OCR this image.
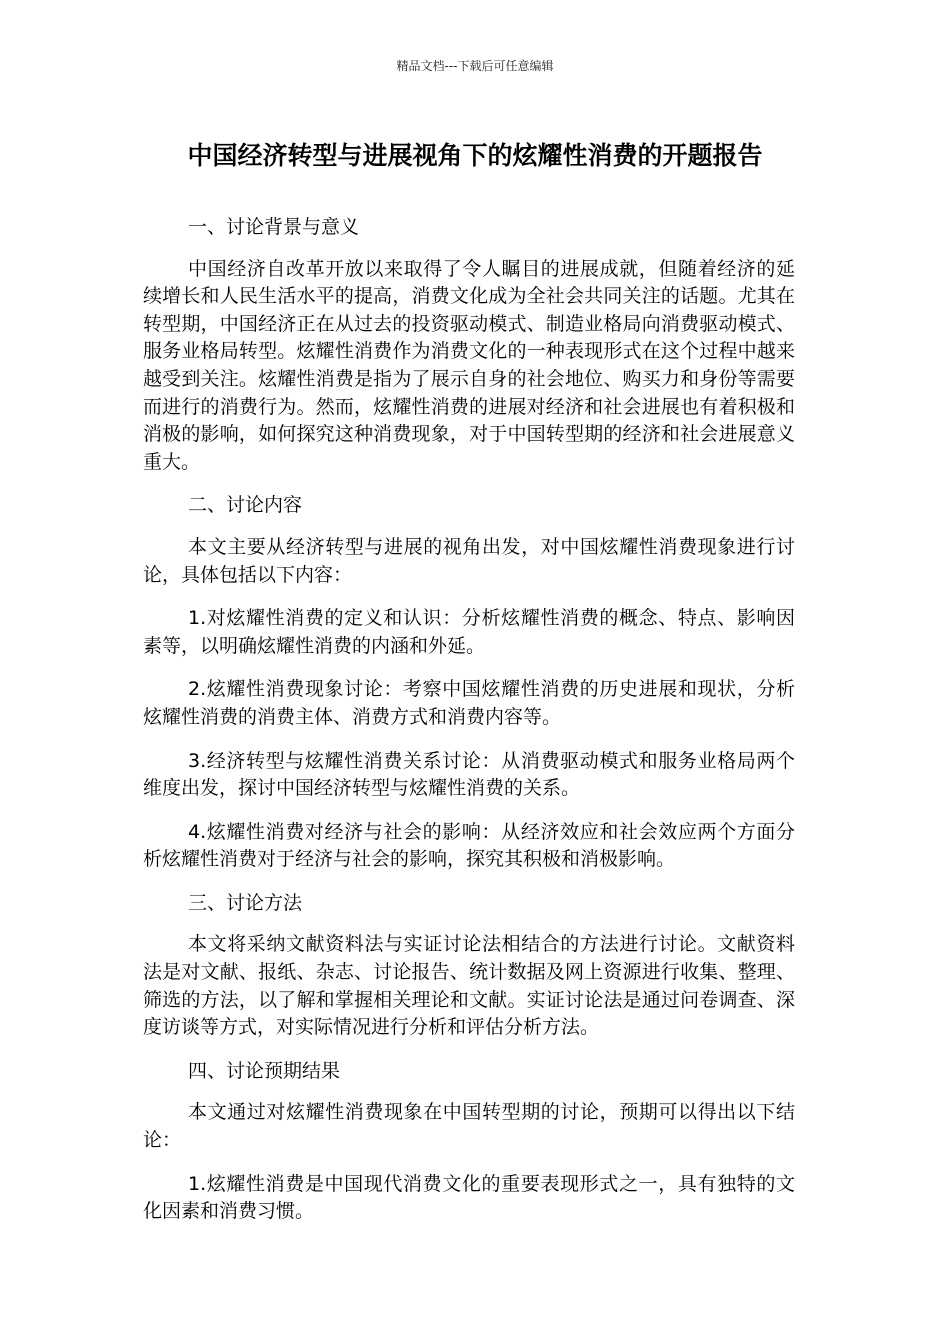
精品文档---下载后可任意编辑
中国经济转型与进展视角下的炫耀性消费的开题报告

一、讨论背景与意义

中国经济自改革开放以来取得了令人瞩目的进展成就，但随着经济的延续增长和人民生活水平的提高，消费文化成为全社会共同关注的话题。尤其在转型期，中国经济正在从过去的投资驱动模式、制造业格局向消费驱动模式、服务业格局转型。炫耀性消费作为消费文化的一种表现形式在这个过程中越来越受到关注。炫耀性消费是指为了展示自身的社会地位、购买力和身份等需要而进行的消费行为。然而，炫耀性消费的进展对经济和社会进展也有着积极和消极的影响，如何探究这种消费现象，对于中国转型期的经济和社会进展意义重大。

二、讨论内容

本文主要从经济转型与进展的视角出发，对中国炫耀性消费现象进行讨论，具体包括以下内容：

1.对炫耀性消费的定义和认识：分析炫耀性消费的概念、特点、影响因素等，以明确炫耀性消费的内涵和外延。

2.炫耀性消费现象讨论：考察中国炫耀性消费的历史进展和现状，分析炫耀性消费的消费主体、消费方式和消费内容等。

3.经济转型与炫耀性消费关系讨论：从消费驱动模式和服务业格局两个维度出发，探讨中国经济转型与炫耀性消费的关系。

4.炫耀性消费对经济与社会的影响：从经济效应和社会效应两个方面分析炫耀性消费对于经济与社会的影响，探究其积极和消极影响。

三、讨论方法

本文将采纳文献资料法与实证讨论法相结合的方法进行讨论。文献资料法是对文献、报纸、杂志、讨论报告、统计数据及网上资源进行收集、整理、筛选的方法，以了解和掌握相关理论和文献。实证讨论法是通过问卷调查、深度访谈等方式，对实际情况进行分析和评估分析方法。

四、讨论预期结果

本文通过对炫耀性消费现象在中国转型期的讨论，预期可以得出以下结论：

1.炫耀性消费是中国现代消费文化的重要表现形式之一，具有独特的文化因素和消费习惯。
